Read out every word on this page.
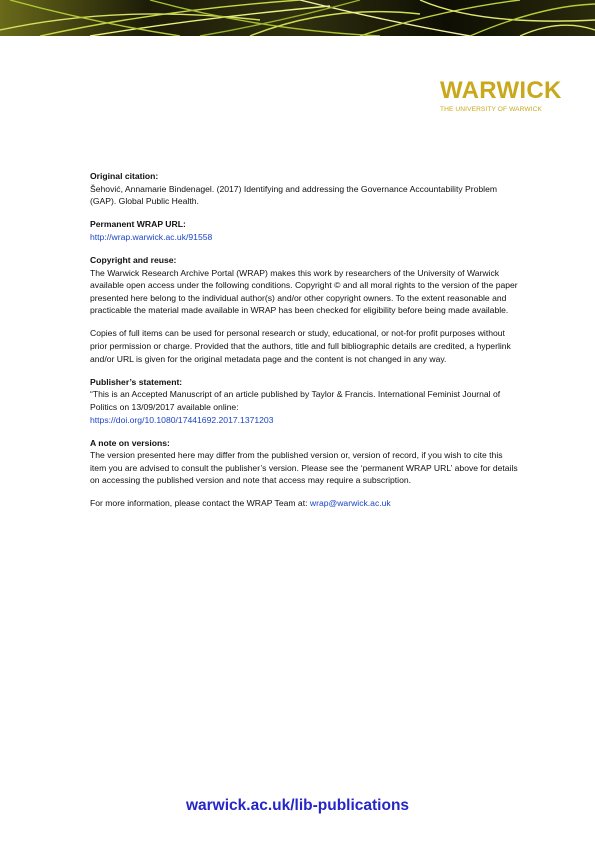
WARWICK
THE UNIVERSITY OF WARWICK
Original citation:
Šehović, Annamarie Bindenagel. (2017) Identifying and addressing the Governance Accountability Problem (GAP). Global Public Health.
Permanent WRAP URL:
http://wrap.warwick.ac.uk/91558
Copyright and reuse:
The Warwick Research Archive Portal (WRAP) makes this work by researchers of the University of Warwick available open access under the following conditions. Copyright © and all moral rights to the version of the paper presented here belong to the individual author(s) and/or other copyright owners. To the extent reasonable and practicable the material made available in WRAP has been checked for eligibility before being made available.
Copies of full items can be used for personal research or study, educational, or not-for profit purposes without prior permission or charge. Provided that the authors, title and full bibliographic details are credited, a hyperlink and/or URL is given for the original metadata page and the content is not changed in any way.
Publisher’s statement:
“This is an Accepted Manuscript of an article published by Taylor & Francis. International Feminist Journal of Politics on 13/09/2017 available online:
https://doi.org/10.1080/17441692.2017.1371203
A note on versions:
The version presented here may differ from the published version or, version of record, if you wish to cite this item you are advised to consult the publisher’s version. Please see the ‘permanent WRAP URL’ above for details on accessing the published version and note that access may require a subscription.
For more information, please contact the WRAP Team at: wrap@warwick.ac.uk
warwick.ac.uk/lib-publications
